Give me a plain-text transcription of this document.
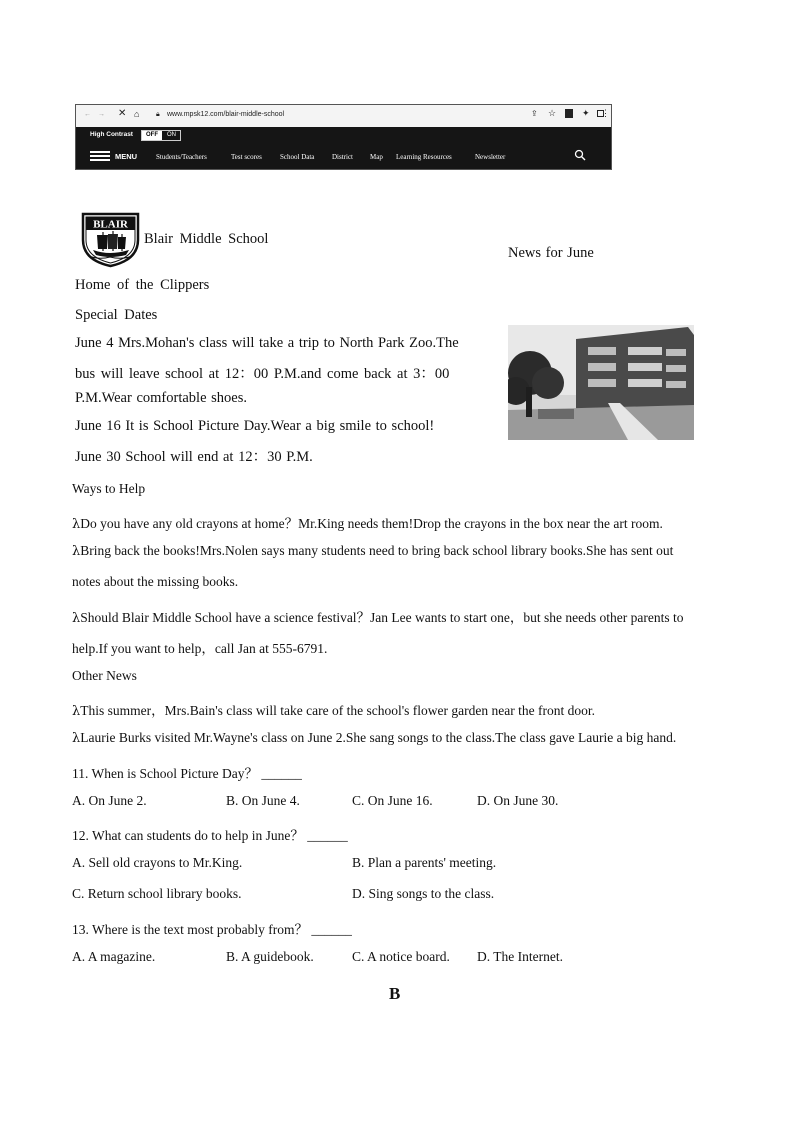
← → ✕ ⌂ 🔒︎ www.mpsk12.com/blair-middle-school	⇪ ☆	✦ ⋮
High Contrast	OFF	ON
MENU	Students/Teachers	Test scores	School Data	District Map Learning Resources	Newsletter
BLAIR
Blair Middle School
News for June
Home of the Clippers
Special Dates
June 4 Mrs.Mohan's class will take a trip to North Park Zoo.The
bus will leave school at 12：00 P.M.and come back at 3：00
P.M.Wear comfortable shoes.
June 16 It is School Picture Day.Wear a big smile to school!
June 30 School will end at 12：30 P.M.
Ways to Help
λDo you have any old crayons at home？Mr.King needs them!Drop the crayons in the box near the art room.
λBring back the books!Mrs.Nolen says many students need to bring back school library books.She has sent out
notes about the missing books.
λShould Blair Middle School have a science festival？Jan Lee wants to start one，but she needs other parents to
help.If you want to help，call Jan at 555-6791.
Other News
λThis summer，Mrs.Bain's class will take care of the school's flower garden near the front door.
λLaurie Burks visited Mr.Wayne's class on June 2.She sang songs to the class.The class gave Laurie a big hand.
11. When is School Picture Day？ ______
A. On June 2.	B. On June 4.	C. On June 16.	D. On June 30.
12. What can students do to help in June？ ______
A. Sell old crayons to Mr.King.	B. Plan a parents' meeting.
C. Return school library books.	D. Sing songs to the class.
13. Where is the text most probably from？ ______
A. A magazine.	B. A guidebook.	C. A notice board. D. The Internet.
B
